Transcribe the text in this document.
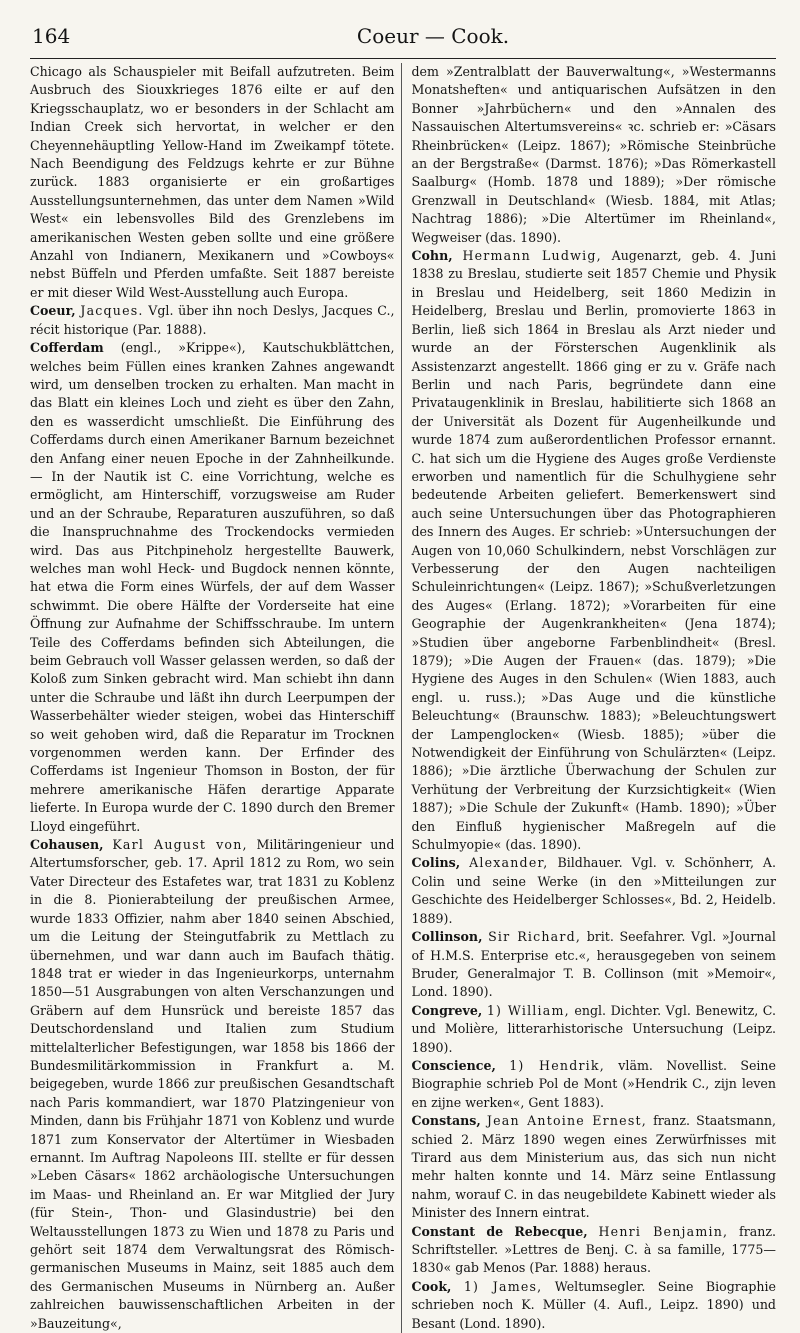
164	Coeur — Cook.

Chicago als Schauspieler mit Beifall aufzutreten. Beim Ausbruch des Siouxkrieges 1876 eilte er auf den Kriegsschauplatz, wo er besonders in der Schlacht am Indian Creek sich hervortat, in welcher er den Cheyennehäuptling Yellow-Hand im Zweikampf tötete. Nach Beendigung des Feldzugs kehrte er zur Bühne zurück. 1883 organisierte er ein großartiges Ausstellungsunternehmen, das unter dem Namen »Wild West« ein lebensvolles Bild des Grenzlebens im amerikanischen Westen geben sollte und eine größere Anzahl von Indianern, Mexikanern und »Cowboys« nebst Büffeln und Pferden umfaßte. Seit 1887 bereiste er mit dieser Wild West-Ausstellung auch Europa.

Coeur, Jacques. Vgl. über ihn noch Deslys, Jacques C., récit historique (Par. 1888).

Cofferdam (engl., »Krippe«), Kautschukblättchen, welches beim Füllen eines kranken Zahnes angewandt wird, um denselben trocken zu erhalten. Man macht in das Blatt ein kleines Loch und zieht es über den Zahn, den es wasserdicht umschließt. Die Einführung des Cofferdams durch einen Amerikaner Barnum bezeichnet den Anfang einer neuen Epoche in der Zahnheilkunde. — In der Nautik ist C. eine Vorrichtung, welche es ermöglicht, am Hinterschiff, vorzugsweise am Ruder und an der Schraube, Reparaturen auszuführen, so daß die Inanspruchnahme des Trockendocks vermieden wird. Das aus Pitchpineholz hergestellte Bauwerk, welches man wohl Heck- und Bugdock nennen könnte, hat etwa die Form eines Würfels, der auf dem Wasser schwimmt. Die obere Hälfte der Vorderseite hat eine Öffnung zur Aufnahme der Schiffsschraube. Im untern Teile des Cofferdams befinden sich Abteilungen, die beim Gebrauch voll Wasser gelassen werden, so daß der Koloß zum Sinken gebracht wird. Man schiebt ihn dann unter die Schraube und läßt ihn durch Leerpumpen der Wasserbehälter wieder steigen, wobei das Hinterschiff so weit gehoben wird, daß die Reparatur im Trocknen vorgenommen werden kann. Der Erfinder des Cofferdams ist Ingenieur Thomson in Boston, der für mehrere amerikanische Häfen derartige Apparate lieferte. In Europa wurde der C. 1890 durch den Bremer Lloyd eingeführt.

Cohausen, Karl August von, Militäringenieur und Altertumsforscher, geb. 17. April 1812 zu Rom, wo sein Vater Directeur des Estafetes war, trat 1831 zu Koblenz in die 8. Pionierabteilung der preußischen Armee, wurde 1833 Offizier, nahm aber 1840 seinen Abschied, um die Leitung der Steingutfabrik zu Mettlach zu übernehmen, und war dann auch im Baufach thätig. 1848 trat er wieder in das Ingenieurkorps, unternahm 1850—51 Ausgrabungen von alten Verschanzungen und Gräbern auf dem Hunsrück und bereiste 1857 das Deutschordensland und Italien zum Studium mittelalterlicher Befestigungen, war 1858 bis 1866 der Bundesmilitärkommission in Frankfurt a. M. beigegeben, wurde 1866 zur preußischen Gesandtschaft nach Paris kommandiert, war 1870 Platzingenieur von Minden, dann bis Frühjahr 1871 von Koblenz und wurde 1871 zum Konservator der Altertümer in Wiesbaden ernannt. Im Auftrag Napoleons III. stellte er für dessen »Leben Cäsars« 1862 archäologische Untersuchungen im Maas- und Rheinland an. Er war Mitglied der Jury (für Stein-, Thon- und Glasindustrie) bei den Weltausstellungen 1873 zu Wien und 1878 zu Paris und gehört seit 1874 dem Verwaltungsrat des Römisch-germanischen Museums in Mainz, seit 1885 auch dem des Germanischen Museums in Nürnberg an. Außer zahlreichen bauwissenschaftlichen Arbeiten in der »Bauzeitung«,

dem »Zentralblatt der Bauverwaltung«, »Westermanns Monatsheften« und antiquarischen Aufsätzen in den Bonner »Jahrbüchern« und den »Annalen des Nassauischen Altertumsvereins« ꝛc. schrieb er: »Cäsars Rheinbrücken« (Leipz. 1867); »Römische Steinbrüche an der Bergstraße« (Darmst. 1876); »Das Römerkastell Saalburg« (Homb. 1878 und 1889); »Der römische Grenzwall in Deutschland« (Wiesb. 1884, mit Atlas; Nachtrag 1886); »Die Altertümer im Rheinland«, Wegweiser (das. 1890).

Cohn, Hermann Ludwig, Augenarzt, geb. 4. Juni 1838 zu Breslau, studierte seit 1857 Chemie und Physik in Breslau und Heidelberg, seit 1860 Medizin in Heidelberg, Breslau und Berlin, promovierte 1863 in Berlin, ließ sich 1864 in Breslau als Arzt nieder und wurde an der Försterschen Augenklinik als Assistenzarzt angestellt. 1866 ging er zu v. Gräfe nach Berlin und nach Paris, begründete dann eine Privataugenklinik in Breslau, habilitierte sich 1868 an der Universität als Dozent für Augenheilkunde und wurde 1874 zum außerordentlichen Professor ernannt. C. hat sich um die Hygiene des Auges große Verdienste erworben und namentlich für die Schulhygiene sehr bedeutende Arbeiten geliefert. Bemerkenswert sind auch seine Untersuchungen über das Photographieren des Innern des Auges. Er schrieb: »Untersuchungen der Augen von 10,060 Schulkindern, nebst Vorschlägen zur Verbesserung der den Augen nachteiligen Schuleinrichtungen« (Leipz. 1867); »Schußverletzungen des Auges« (Erlang. 1872); »Vorarbeiten für eine Geographie der Augenkrankheiten« (Jena 1874); »Studien über angeborne Farbenblindheit« (Bresl. 1879); »Die Augen der Frauen« (das. 1879); »Die Hygiene des Auges in den Schulen« (Wien 1883, auch engl. u. russ.); »Das Auge und die künstliche Beleuchtung« (Braunschw. 1883); »Beleuchtungswert der Lampenglocken« (Wiesb. 1885); »über die Notwendigkeit der Einführung von Schulärzten« (Leipz. 1886); »Die ärztliche Überwachung der Schulen zur Verhütung der Verbreitung der Kurzsichtigkeit« (Wien 1887); »Die Schule der Zukunft« (Hamb. 1890); »Über den Einfluß hygienischer Maßregeln auf die Schulmyopie« (das. 1890).

Colins, Alexander, Bildhauer. Vgl. v. Schönherr, A. Colin und seine Werke (in den »Mitteilungen zur Geschichte des Heidelberger Schlosses«, Bd. 2, Heidelb. 1889).

Collinson, Sir Richard, brit. Seefahrer. Vgl. »Journal of H.M.S. Enterprise etc.«, herausgegeben von seinem Bruder, Generalmajor T. B. Collinson (mit »Memoir«, Lond. 1890).

Congreve, 1) William, engl. Dichter. Vgl. Benewitz, C. und Molière, litterarhistorische Untersuchung (Leipz. 1890).

Conscience, 1) Hendrik, vläm. Novellist. Seine Biographie schrieb Pol de Mont (»Hendrik C., zijn leven en zijne werken«, Gent 1883).

Constans, Jean Antoine Ernest, franz. Staatsmann, schied 2. März 1890 wegen eines Zerwürfnisses mit Tirard aus dem Ministerium aus, das sich nun nicht mehr halten konnte und 14. März seine Entlassung nahm, worauf C. in das neugebildete Kabinett wieder als Minister des Innern eintrat.

Constant de Rebecque, Henri Benjamin, franz. Schriftsteller. »Lettres de Benj. C. à sa famille, 1775—1830« gab Menos (Par. 1888) heraus.

Cook, 1) James, Weltumsegler. Seine Biographie schrieben noch K. Müller (4. Aufl., Leipz. 1890) und Besant (Lond. 1890).
